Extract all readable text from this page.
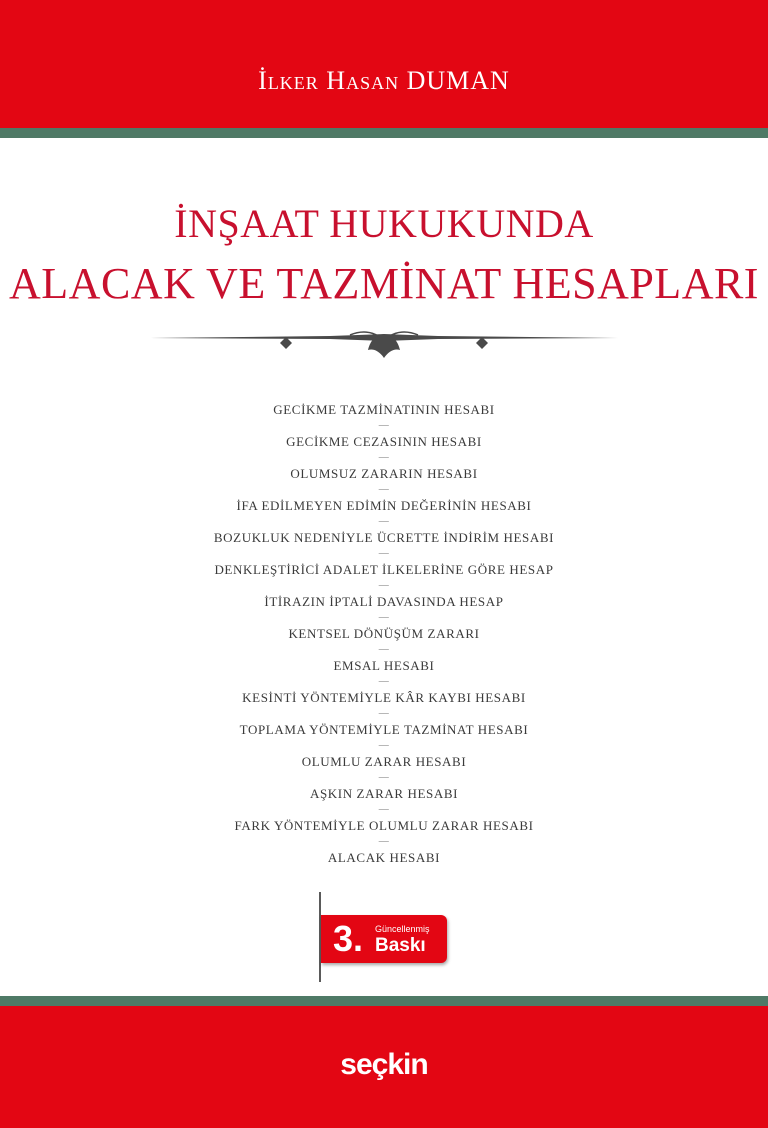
İlker Hasan DUMAN
İNŞAAT HUKUKUNDA
ALACAK VE TAZMİNAT HESAPLARI
GECİKME TAZMİNATININ HESABI
—
GECİKME CEZASININ HESABI
—
OLUMSUZ ZARARIN HESABI
—
İFA EDİLMEYEN EDİMİN DEĞERİNİN HESABI
—
BOZUKLUK NEDENİYLE ÜCRETTE İNDİRİM HESABI
—
DENKLEŞTİRİCİ ADALET İLKELERİNE GÖRE HESAP
—
İTİRAZIN İPTALİ DAVASINDA HESAP
—
KENTSEL DÖNÜŞÜM ZARARI
—
EMSAL HESABI
—
KESİNTİ YÖNTEMİYLE KÂR KAYBI HESABI
—
TOPLAMA YÖNTEMİYLE TAZMİNAT HESABI
—
OLUMLU ZARAR HESABI
—
AŞKIN ZARAR HESABI
—
FARK YÖNTEMİYLE OLUMLU ZARAR HESABI
—
ALACAK HESABI
3. Güncellenmiş
Baskı
seçkin
